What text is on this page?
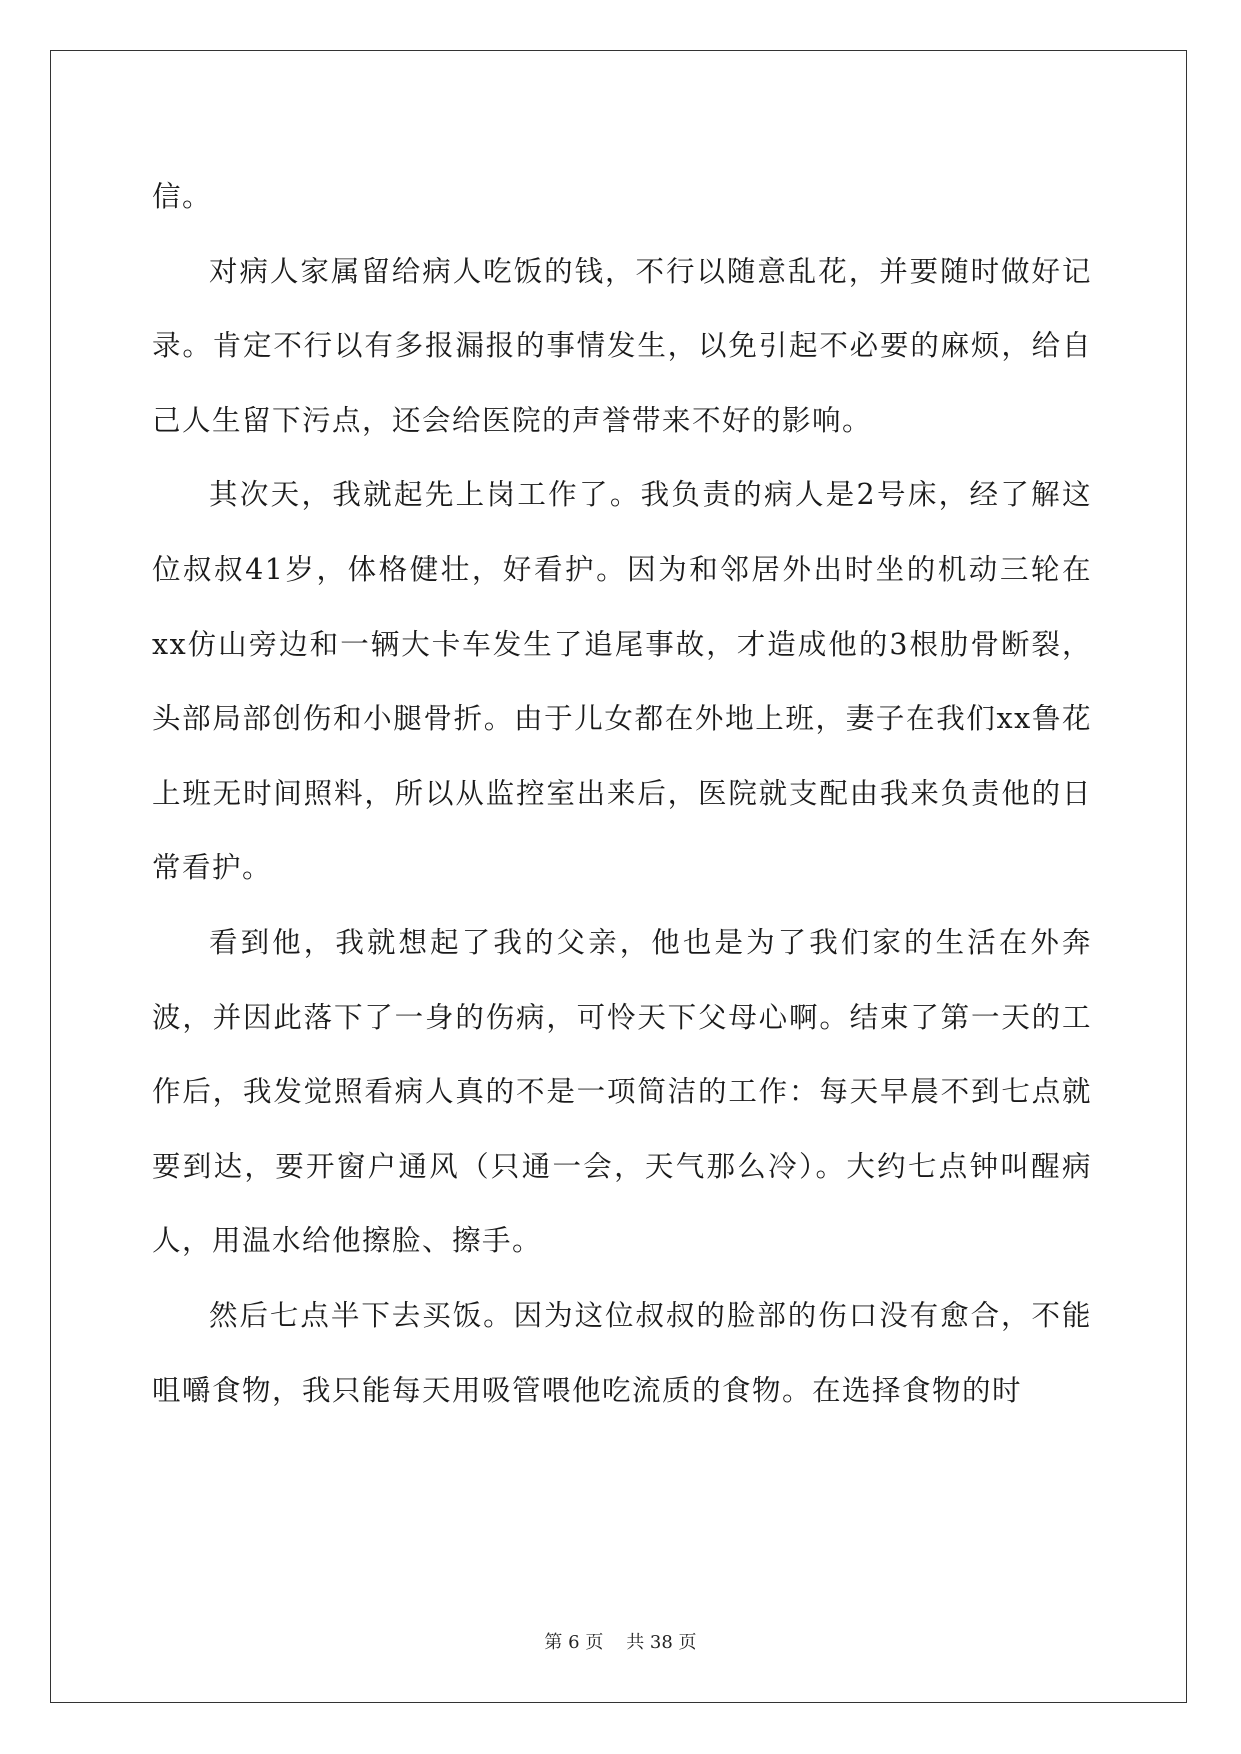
信。

对病人家属留给病人吃饭的钱，不行以随意乱花，并要随时做好记录。肯定不行以有多报漏报的事情发生，以免引起不必要的麻烦，给自己人生留下污点，还会给医院的声誉带来不好的影响。

其次天，我就起先上岗工作了。我负责的病人是2号床，经了解这位叔叔41岁，体格健壮，好看护。因为和邻居外出时坐的机动三轮在xx仿山旁边和一辆大卡车发生了追尾事故，才造成他的3根肋骨断裂，头部局部创伤和小腿骨折。由于儿女都在外地上班，妻子在我们xx鲁花上班无时间照料，所以从监控室出来后，医院就支配由我来负责他的日常看护。

看到他，我就想起了我的父亲，他也是为了我们家的生活在外奔波，并因此落下了一身的伤病，可怜天下父母心啊。结束了第一天的工作后，我发觉照看病人真的不是一项简洁的工作：每天早晨不到七点就要到达，要开窗户通风（只通一会，天气那么冷）。大约七点钟叫醒病人，用温水给他擦脸、擦手。

然后七点半下去买饭。因为这位叔叔的脸部的伤口没有愈合，不能咀嚼食物，我只能每天用吸管喂他吃流质的食物。在选择食物的时

第 6 页    共 38 页
